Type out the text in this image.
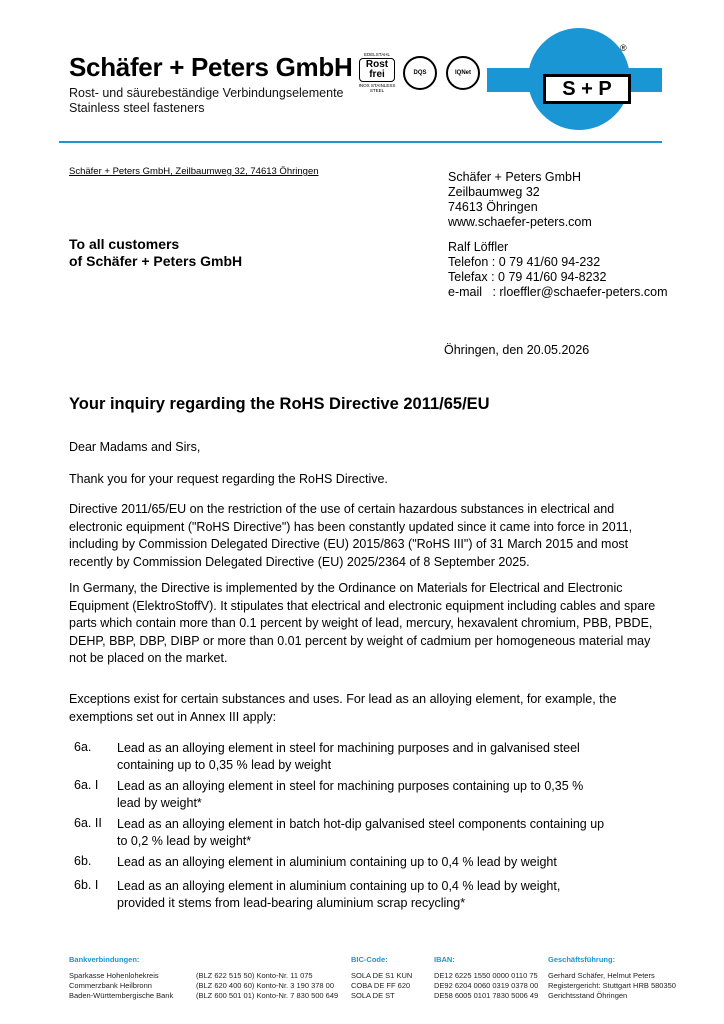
Schäfer + Peters GmbH
Rost- und säurebeständige Verbindungselemente
Stainless steel fasteners
EDELSTAHL
Rost frei
INOX STAINLESS STEEL
DQS	IQNet
S + P
®
Schäfer + Peters GmbH, Zeilbaumweg 32, 74613 Öhringen	Schäfer + Peters GmbH
Zeilbaumweg 32
74613 Öhringen
www.schaefer-peters.com
To all customers
of Schäfer + Peters GmbH
Ralf Löffler
Telefon : 0 79 41/60 94-232
Telefax : 0 79 41/60 94-8232
e-mail   : rloeffler@schaefer-peters.com
Öhringen, den 20.05.2026
Your inquiry regarding the RoHS Directive 2011/65/EU
Dear Madams and Sirs,
Thank you for your request regarding the RoHS Directive.
Directive 2011/65/EU on the restriction of the use of certain hazardous substances in electrical and electronic equipment ("RoHS Directive") has been constantly updated since it came into force in 2011, including by Commission Delegated Directive (EU) 2015/863 ("RoHS III") of 31 March 2015 and most recently by Commission Delegated Directive (EU) 2025/2364 of 8 September 2025.
In Germany, the Directive is implemented by the Ordinance on Materials for Electrical and Electronic Equipment (ElektroStoffV). It stipulates that electrical and electronic equipment including cables and spare parts which contain more than 0.1 percent by weight of lead, mercury, hexavalent chromium, PBB, PBDE, DEHP, BBP, DBP, DIBP or more than 0.01 percent by weight of cadmium per homogeneous material may not be placed on the market.
Exceptions exist for certain substances and uses. For lead as an alloying element, for example, the exemptions set out in Annex III apply:
6a. Lead as an alloying element in steel for machining purposes and in galvanised steel containing up to 0,35 % lead by weight
6a. I Lead as an alloying element in steel for machining purposes containing up to 0,35 % lead by weight*
6a. II Lead as an alloying element in batch hot-dip galvanised steel components containing up to 0,2 % lead by weight*
6b. Lead as an alloying element in aluminium containing up to 0,4 % lead by weight
6b. I Lead as an alloying element in aluminium containing up to 0,4 % lead by weight, provided it stems from lead-bearing aluminium scrap recycling*
Bankverbindungen:
Sparkasse Hohenlohekreis
Commerzbank Heilbronn
Baden-Württembergische Bank
(BLZ 622 515 50) Konto-Nr. 11 075
(BLZ 620 400 60) Konto-Nr. 3 190 378 00
(BLZ 600 501 01) Konto-Nr. 7 830 500 649
BIC-Code:
SOLA DE S1 KUN
COBA DE FF 620
SOLA DE ST
IBAN:
DE12 6225 1550 0000 0110 75
DE92 6204 0060 0319 0378 00
DE58 6005 0101 7830 5006 49
Geschäftsführung:
Gerhard Schäfer, Helmut Peters
Registergericht: Stuttgart HRB 580350
Gerichtsstand Öhringen
